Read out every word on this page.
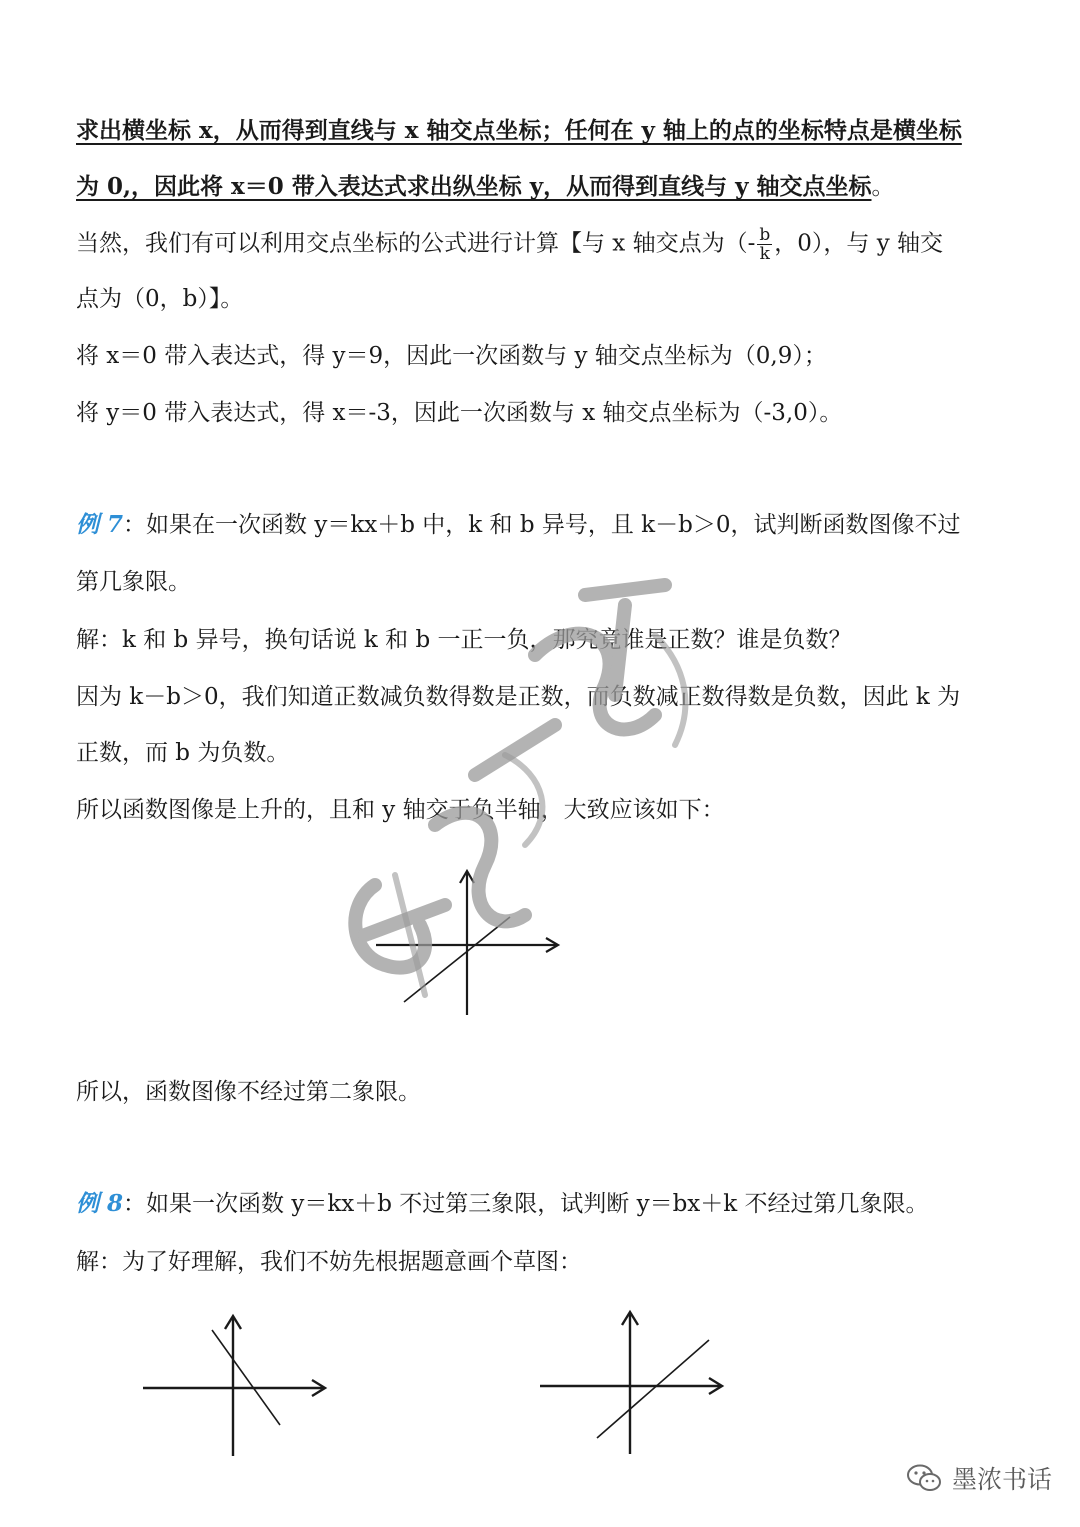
求出横坐标 x，从而得到直线与 x 轴交点坐标；任何在 y 轴上的点的坐标特点是横坐标
为 0,，因此将 x＝0 带入表达式求出纵坐标 y，从而得到直线与 y 轴交点坐标。
当然，我们有可以利用交点坐标的公式进行计算【与 x 轴交点为（- $\frac{b}{k}$ ，0），与 y 轴交
点为（0，b）】。
将 x＝0 带入表达式，得 y＝9，因此一次函数与 y 轴交点坐标为（0,9）；
将 y＝0 带入表达式，得 x＝-3，因此一次函数与 x 轴交点坐标为（-3,0）。
例 7：如果在一次函数 y＝kx＋b 中，k 和 b 异号，且 k－b＞0，试判断函数图像不过
第几象限。
解：k 和 b 异号，换句话说 k 和 b 一正一负，那究竟谁是正数？谁是负数？
因为 k－b＞0，我们知道正数减负数得数是正数，而负数减正数得数是负数，因此 k 为
正数，而 b 为负数。
所以函数图像是上升的，且和 y 轴交于负半轴，大致应该如下：
墨浓书话
所以，函数图像不经过第二象限。
例 8：如果一次函数 y＝kx＋b 不过第三象限，试判断 y＝bx＋k 不经过第几象限。
解：为了好理解，我们不妨先根据题意画个草图：
墨浓书话
